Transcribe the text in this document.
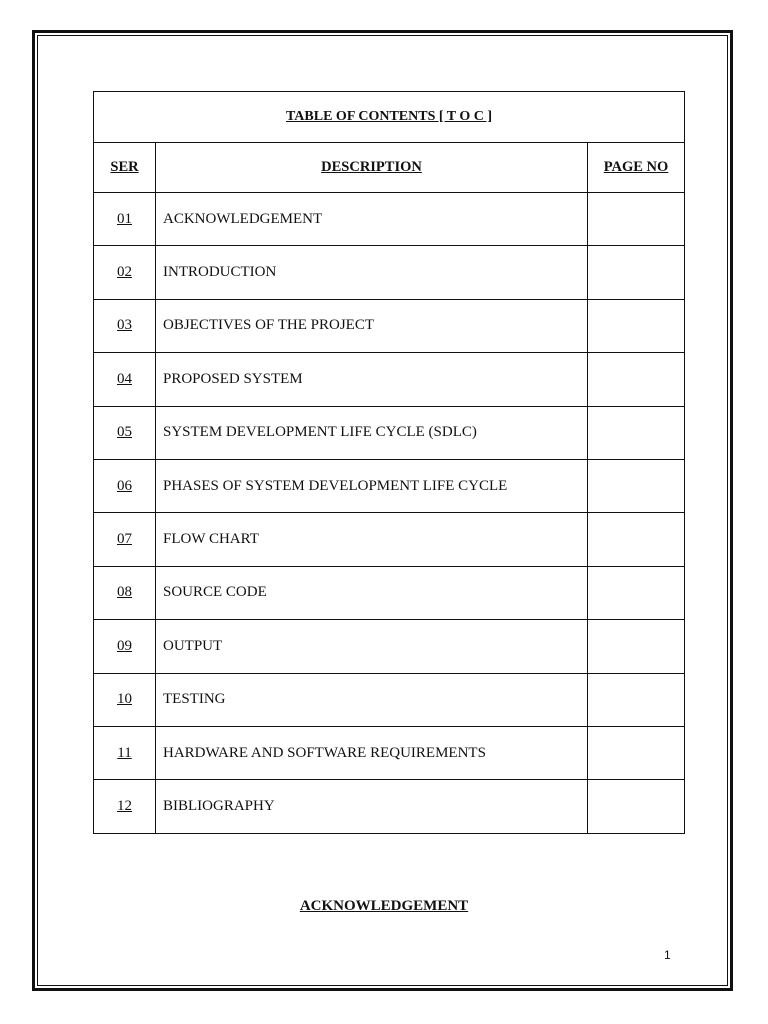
TABLE OF CONTENTS [ T O C ]		
SER	DESCRIPTION	PAGE NO
01	ACKNOWLEDGEMENT	
02	INTRODUCTION	
03	OBJECTIVES OF THE PROJECT	
04	PROPOSED SYSTEM	
05	SYSTEM DEVELOPMENT LIFE CYCLE (SDLC)	
06	PHASES OF SYSTEM DEVELOPMENT LIFE CYCLE	
07	FLOW CHART	
08	SOURCE CODE	
09	OUTPUT	
10	TESTING	
11	HARDWARE AND SOFTWARE REQUIREMENTS	
12	BIBLIOGRAPHY	
ACKNOWLEDGEMENT
1
